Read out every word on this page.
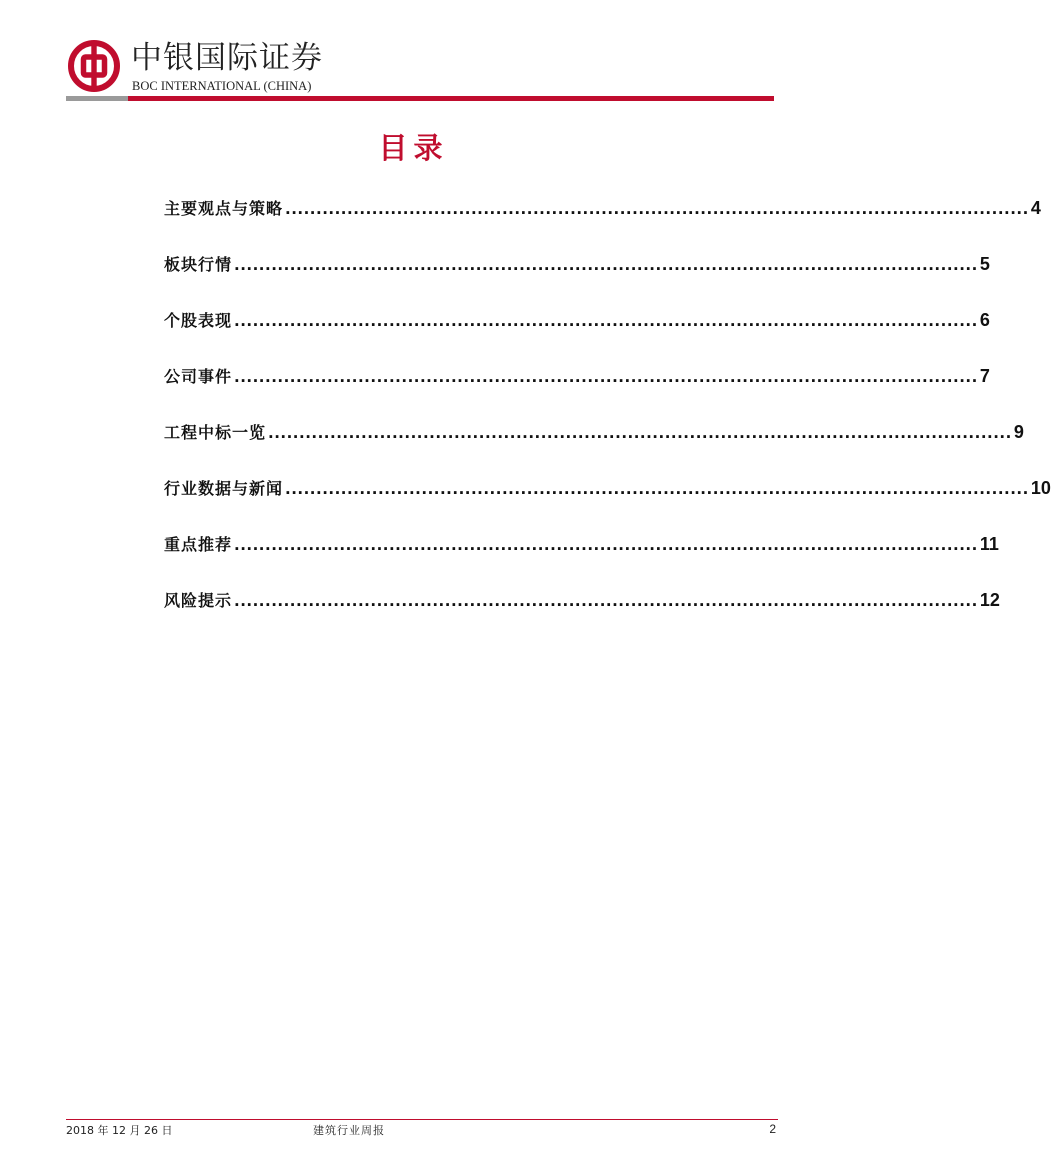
中银国际证券
BOC INTERNATIONAL (CHINA)
目录
主要观点与策略 ........................................................................................................................ 4
板块行情 ........................................................................................................................ 5
个股表现 ........................................................................................................................ 6
公司事件 ........................................................................................................................ 7
工程中标一览 ........................................................................................................................ 9
行业数据与新闻 ........................................................................................................................ 10
重点推荐 ........................................................................................................................ 11
风险提示 ........................................................................................................................ 12
2018 年 12 月 26 日	建筑行业周报	2
